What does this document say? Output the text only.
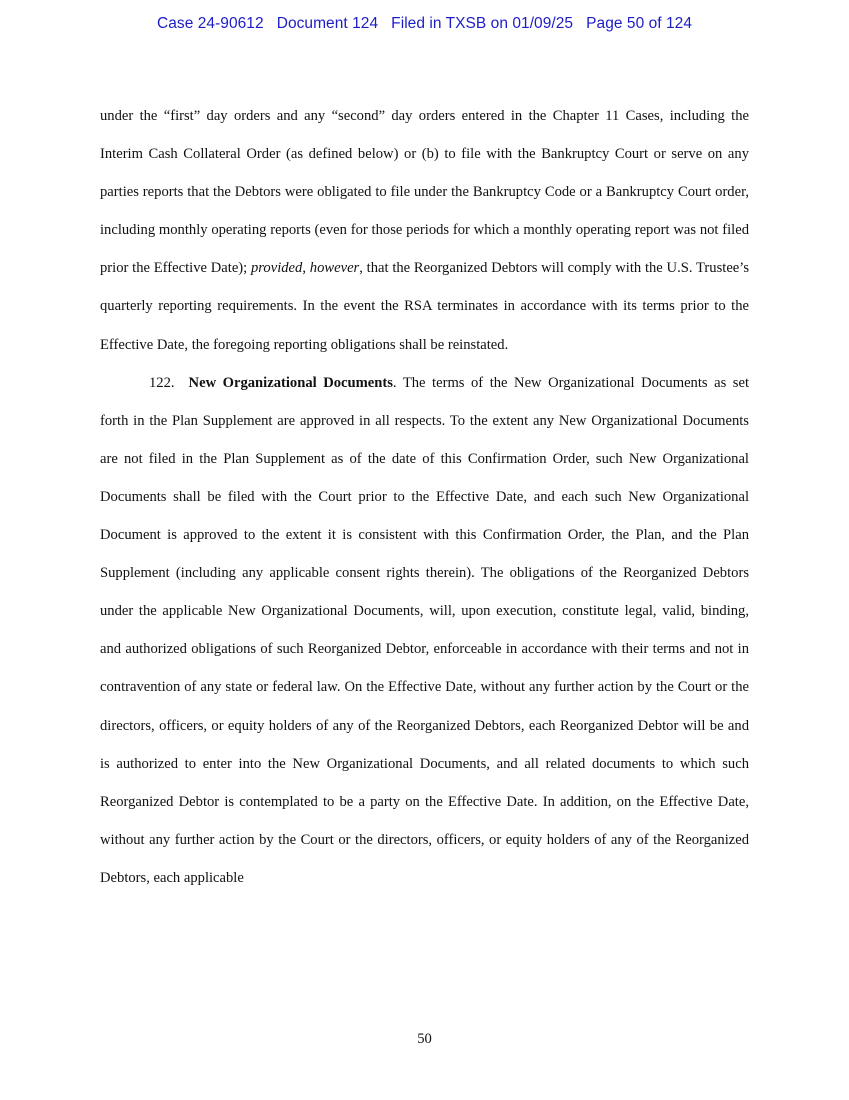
Case 24-90612   Document 124   Filed in TXSB on 01/09/25   Page 50 of 124

under the “first” day orders and any “second” day orders entered in the Chapter 11 Cases, including the Interim Cash Collateral Order (as defined below) or (b) to file with the Bankruptcy Court or serve on any parties reports that the Debtors were obligated to file under the Bankruptcy Code or a Bankruptcy Court order, including monthly operating reports (even for those periods for which a monthly operating report was not filed prior the Effective Date); provided, however, that the Reorganized Debtors will comply with the U.S. Trustee’s quarterly reporting requirements. In the event the RSA terminates in accordance with its terms prior to the Effective Date, the foregoing reporting obligations shall be reinstated.

122. New Organizational Documents. The terms of the New Organizational Documents as set forth in the Plan Supplement are approved in all respects. To the extent any New Organizational Documents are not filed in the Plan Supplement as of the date of this Confirmation Order, such New Organizational Documents shall be filed with the Court prior to the Effective Date, and each such New Organizational Document is approved to the extent it is consistent with this Confirmation Order, the Plan, and the Plan Supplement (including any applicable consent rights therein). The obligations of the Reorganized Debtors under the applicable New Organizational Documents, will, upon execution, constitute legal, valid, binding, and authorized obligations of such Reorganized Debtor, enforceable in accordance with their terms and not in contravention of any state or federal law. On the Effective Date, without any further action by the Court or the directors, officers, or equity holders of any of the Reorganized Debtors, each Reorganized Debtor will be and is authorized to enter into the New Organizational Documents, and all related documents to which such Reorganized Debtor is contemplated to be a party on the Effective Date. In addition, on the Effective Date, without any further action by the Court or the directors, officers, or equity holders of any of the Reorganized Debtors, each applicable

50
